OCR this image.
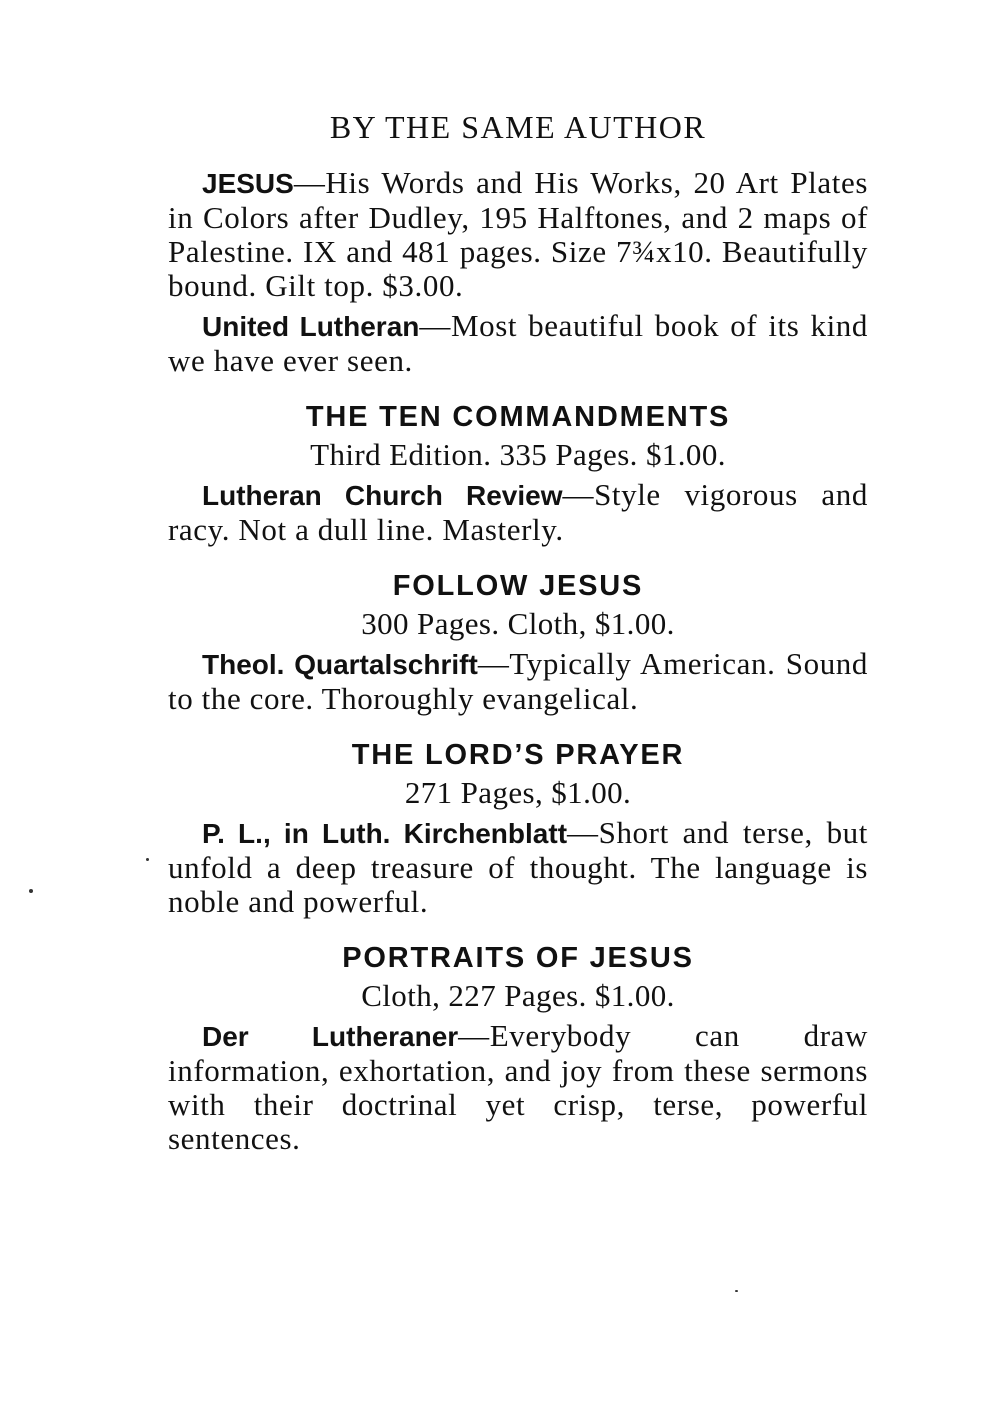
BY THE SAME AUTHOR

JESUS—His Words and His Works, 20 Art Plates in Colors after Dudley, 195 Halftones, and 2 maps of Palestine. IX and 481 pages. Size 7¾x10. Beautifully bound. Gilt top. $3.00.

United Lutheran—Most beautiful book of its kind we have ever seen.

THE TEN COMMANDMENTS
Third Edition. 335 Pages. $1.00.

Lutheran Church Review—Style vigorous and racy. Not a dull line. Masterly.

FOLLOW JESUS
300 Pages. Cloth, $1.00.

Theol. Quartalschrift—Typically American. Sound to the core. Thoroughly evangelical.

THE LORD’S PRAYER
271 Pages, $1.00.

P. L., in Luth. Kirchenblatt—Short and terse, but unfold a deep treasure of thought. The language is noble and powerful.

PORTRAITS OF JESUS
Cloth, 227 Pages. $1.00.

Der Lutheraner—Everybody can draw information, exhortation, and joy from these sermons with their doctrinal yet crisp, terse, powerful sentences.
